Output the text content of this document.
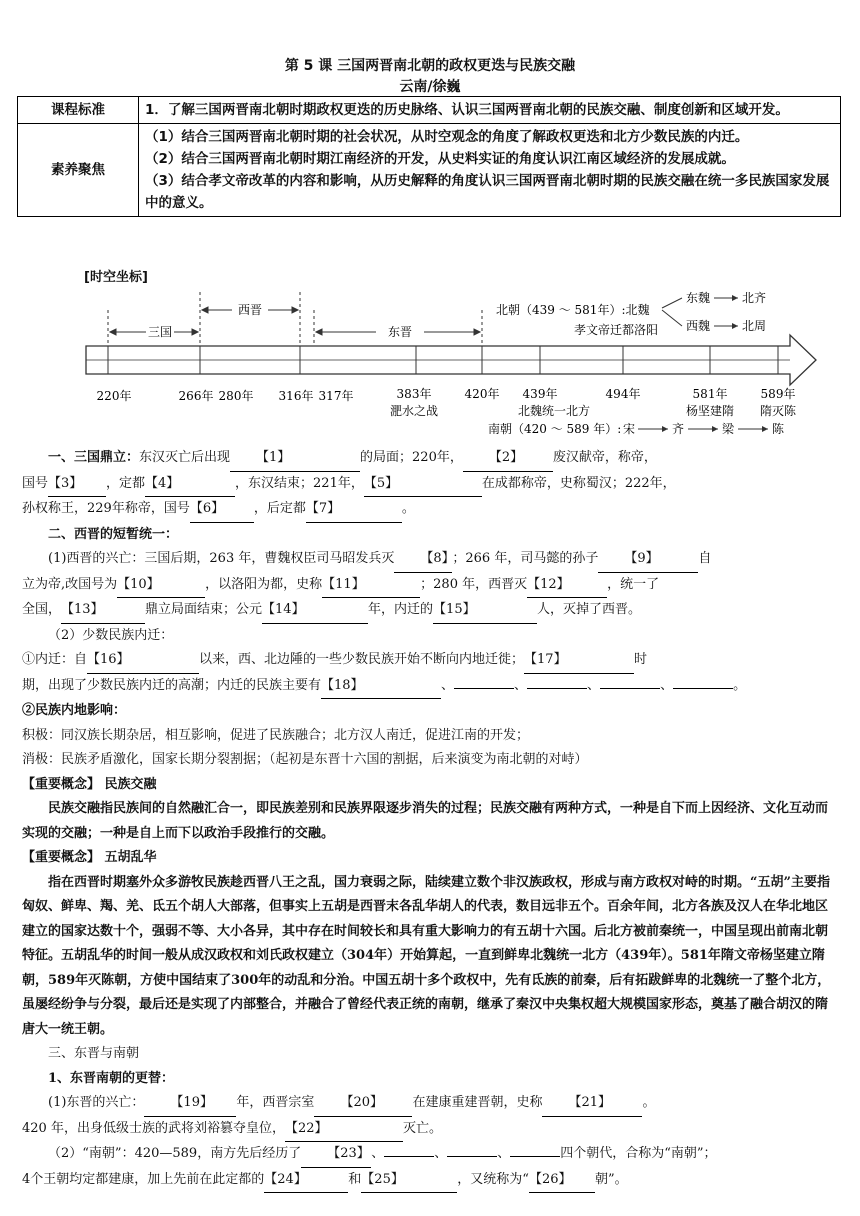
第 5 课 三国两晋南北朝的政权更迭与民族交融
云南/徐巍
课程标准	1．了解三国两晋南北朝时期政权更迭的历史脉络、认识三国两晋南北朝的民族交融、制度创新和区域开发。
素养聚焦	（1）结合三国两晋南北朝时期的社会状况，从时空观念的角度了解政权更迭和北方少数民族的内迁。
（2）结合三国两晋南北朝时期江南经济的开发，从史料实证的角度认识江南区域经济的发展成就。
（3）结合孝文帝改革的内容和影响，从历史解释的角度认识三国两晋南北朝时期的民族交融在统一多民族国家发展中的意义。
[时空坐标]
三国
西晋
东晋
北朝（439 ～ 581年）:北魏
东魏	北齐
西魏	北周
孝文帝迁都洛阳
220年	266年 280年 316年 317年	383年	420年 439年	494年	581年	589年
淝水之战	北魏统一北方	杨坚建隋 隋灭陈
南朝（420 ～ 589 年）: 宋	齐	梁	陈

一、三国鼎立：东汉灭亡后出现 【1】	的局面；220年， 【2】 废汉献帝，称帝，

国号【3】 ，定都【4】	，东汉结束；221年，【5】	在成都称帝，史称蜀汉；222年，

孙权称王，229年称帝，国号【6】 ，后定都【7】	。

二、西晋的短暂统一：

(1)西晋的兴亡：三国后期，263 年，曹魏权臣司马昭发兵灭 【8】；266 年，司马懿的孙子 【9】	自

立为帝,改国号为【10】	，以洛阳为都，史称【11】	；280 年，西晋灭【12】	，统一了

全国，【13】	鼎立局面结束；公元【14】	年，内迁的【15】	人，灭掉了西晋。

（2）少数民族内迁：

①内迁：自【16】	以来，西、北边陲的一些少数民族开始不断向内地迁徙；【17】	时

期，出现了少数民族内迁的高潮；内迁的民族主要有【18】	、	、	、	、	。

②民族内地影响：

积极：同汉族长期杂居，相互影响，促进了民族融合；北方汉人南迁，促进江南的开发；

消极：民族矛盾激化，国家长期分裂割据；（起初是东晋十六国的割据，后来演变为南北朝的对峙）

【重要概念】 民族交融

民族交融指民族间的自然融汇合一，即民族差别和民族界限逐步消失的过程；民族交融有两种方式，一种是自下而上因经济、文化互动而实现的交融；一种是自上而下以政治手段推行的交融。

【重要概念】 五胡乱华

指在西晋时期塞外众多游牧民族趁西晋八王之乱，国力衰弱之际，陆续建立数个非汉族政权，形成与南方政权对峙的时期。“五胡”主要指匈奴、鲜卑、羯、羌、氐五个胡人大部落，但事实上五胡是西晋末各乱华胡人的代表，数目远非五个。百余年间，北方各族及汉人在华北地区建立的国家达数十个，强弱不等、大小各异，其中存在时间较长和具有重大影响力的有五胡十六国。后北方被前秦统一，中国呈现出前南北朝特征。五胡乱华的时间一般从成汉政权和刘氏政权建立（304年）开始算起，一直到鲜卑北魏统一北方（439年）。581年隋文帝杨坚建立隋朝，589年灭陈朝，方使中国结束了300年的动乱和分治。中国五胡十多个政权中，先有氐族的前秦，后有拓跋鲜卑的北魏统一了整个北方，虽屡经纷争与分裂，最后还是实现了内部整合，并融合了曾经代表正统的南朝，继承了秦汉中央集权超大规模国家形态，奠基了融合胡汉的隋唐大一统王朝。

三、东晋与南朝

1、东晋南朝的更替：

(1)东晋的兴亡： 【19】 年，西晋宗室 【20】 在建康重建晋朝，史称 【21】 。

420 年，出身低级士族的武将刘裕篡夺皇位，【22】	灭亡。

（2）“南朝”：420—589，南方先后经历了 【23】、	、	、	四个朝代，合称为“南朝”；

4个王朝均定都建康，加上先前在此定都的【24】	和【25】	，又统称为“【26】 朝”。
